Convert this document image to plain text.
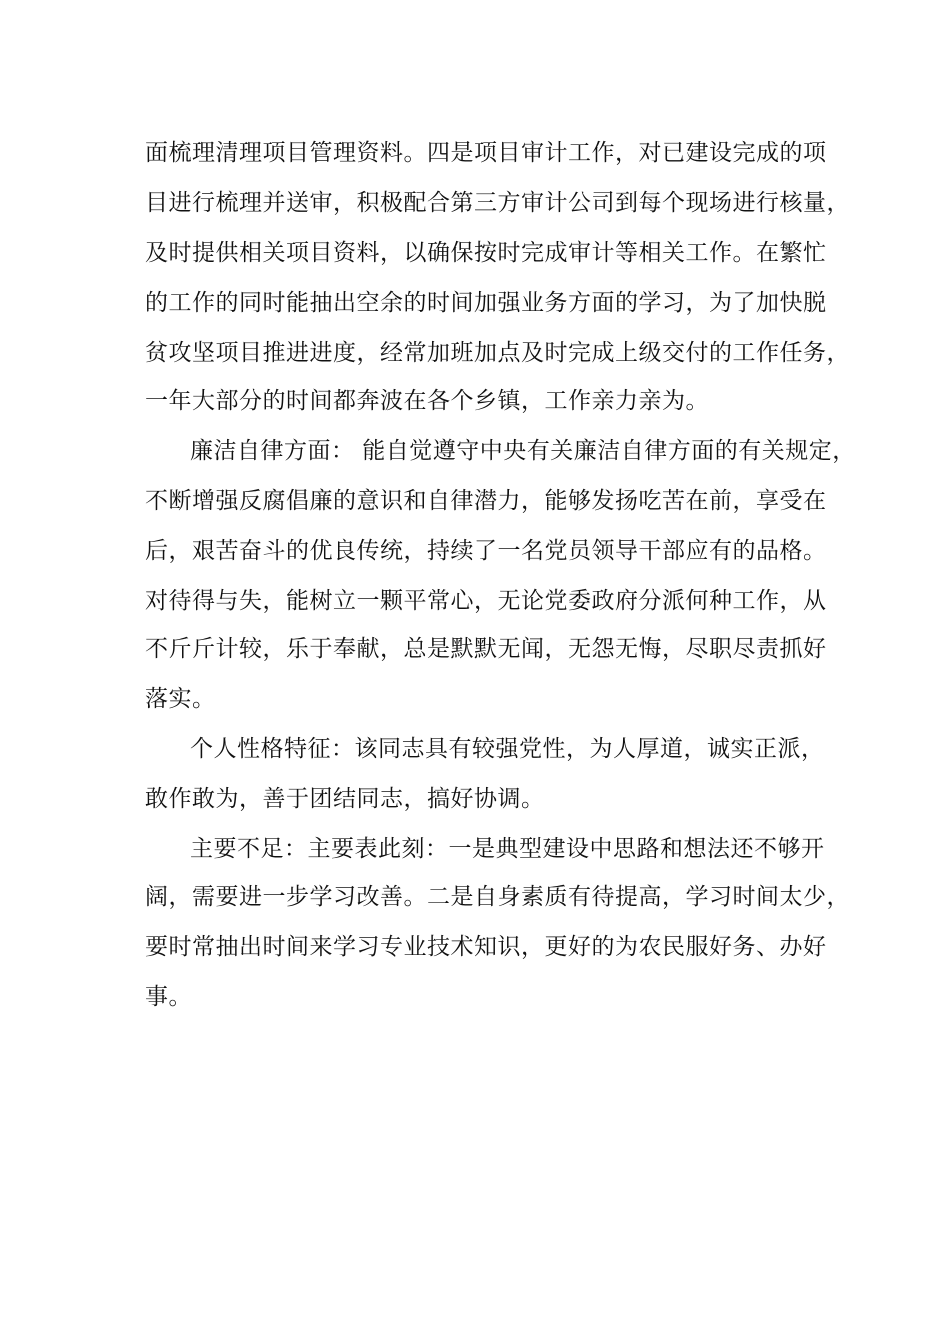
面梳理清理项目管理资料。四是项目审计工作，对已建设完成的项
目进行梳理并送审，积极配合第三方审计公司到每个现场进行核量，
及时提供相关项目资料，以确保按时完成审计等相关工作。在繁忙
的工作的同时能抽出空余的时间加强业务方面的学习，为了加快脱
贫攻坚项目推进进度，经常加班加点及时完成上级交付的工作任务，
一年大部分的时间都奔波在各个乡镇，工作亲力亲为。
廉洁自律方面： 能自觉遵守中央有关廉洁自律方面的有关规定，
不断增强反腐倡廉的意识和自律潜力，能够发扬吃苦在前，享受在
后，艰苦奋斗的优良传统，持续了一名党员领导干部应有的品格。
对待得与失，能树立一颗平常心，无论党委政府分派何种工作，从
不斤斤计较，乐于奉献，总是默默无闻，无怨无悔，尽职尽责抓好
落实。
个人性格特征：该同志具有较强党性，为人厚道，诚实正派，
敢作敢为，善于团结同志，搞好协调。
主要不足：主要表此刻：一是典型建设中思路和想法还不够开
阔，需要进一步学习改善。二是自身素质有待提高，学习时间太少，
要时常抽出时间来学习专业技术知识，更好的为农民服好务、办好
事。
